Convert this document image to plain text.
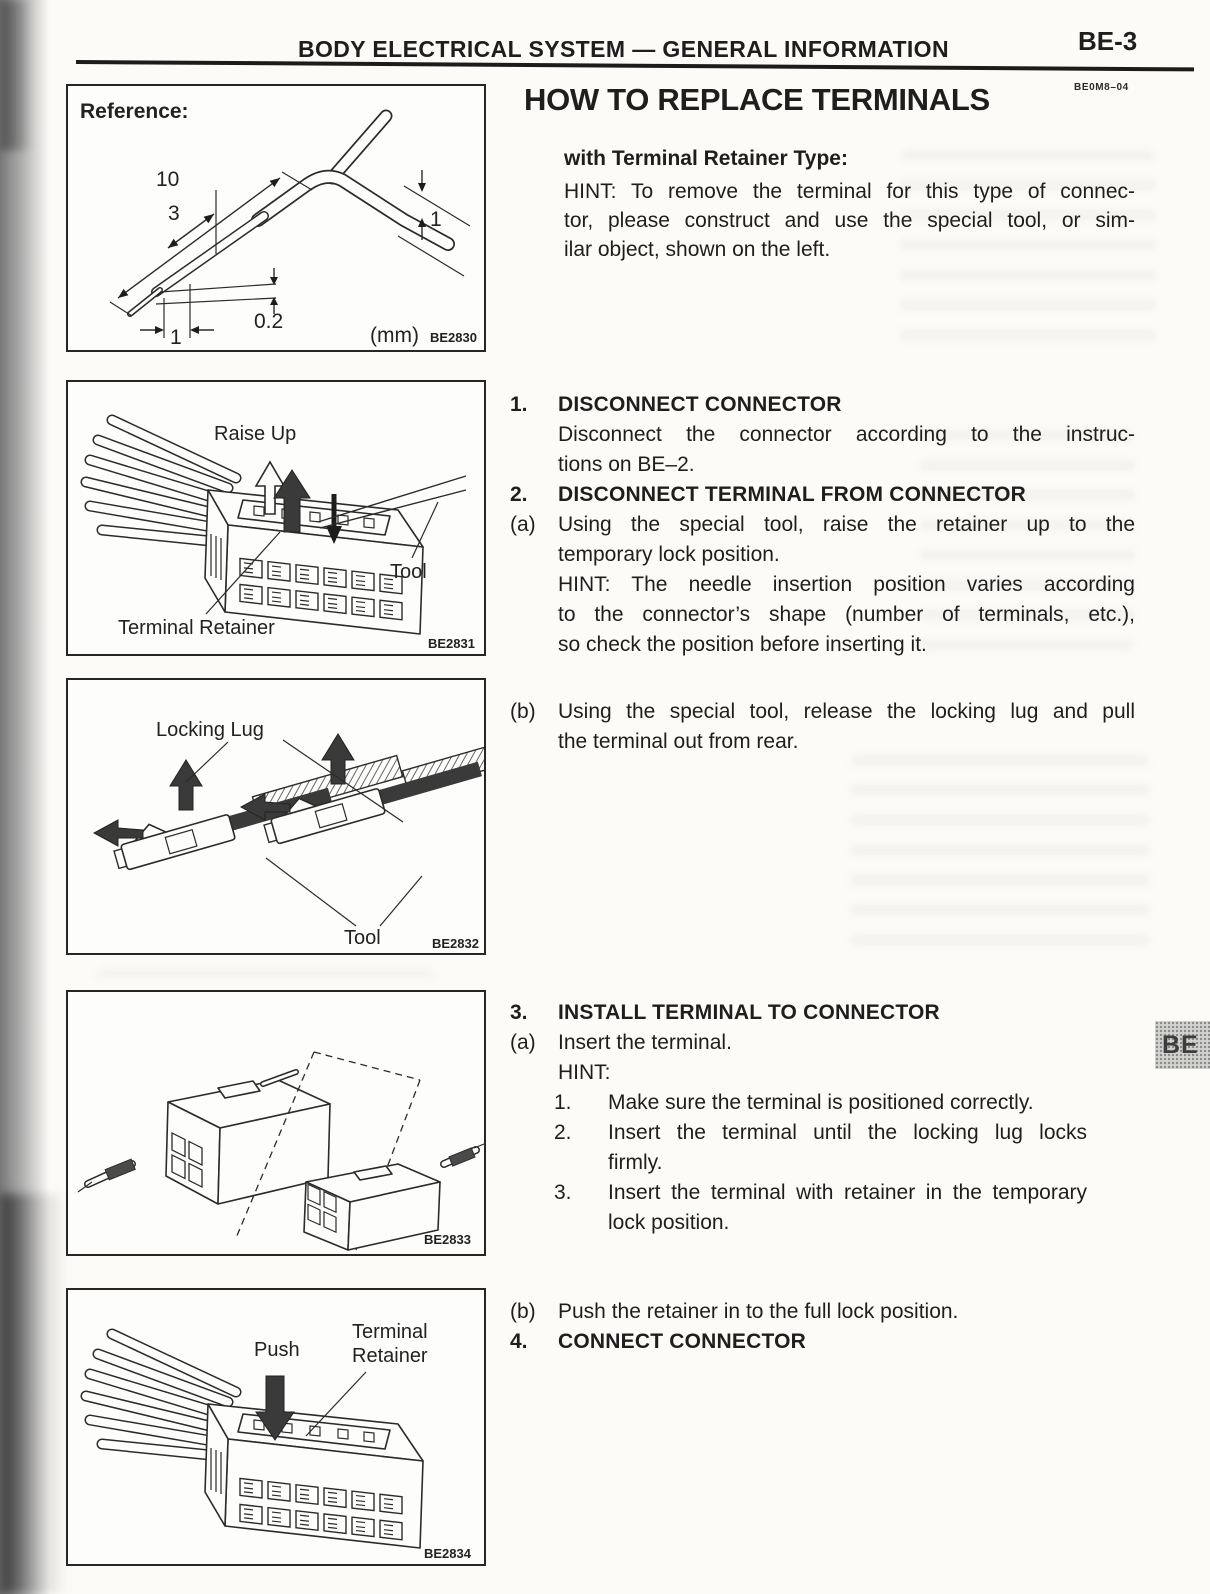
BODY ELECTRICAL SYSTEM — GENERAL INFORMATION	BE-3
BE0M8–04
HOW TO REPLACE TERMINALS
with Terminal Retainer Type:
HINT: To remove the terminal for this type of connec-
tor, please construct and use the special tool, or sim-
ilar object, shown on the left.
Reference:
10
3	1
0.2
1	(mm) BE2830
Raise Up
Tool
Terminal Retainer
BE2831
Locking Lug
Tool	BE2832
BE2833
Push
Terminal
Retainer
BE2834
1.	DISCONNECT CONNECTOR
Disconnect the connector according to the instruc-
tions on BE–2.
2.	DISCONNECT TERMINAL FROM CONNECTOR
(a)	Using the special tool, raise the retainer up to the
temporary lock position.
HINT: The needle insertion position varies according
to the connector’s shape (number of terminals, etc.),
so check the position before inserting it.
(b)	Using the special tool, release the locking lug and pull
the terminal out from rear.
3.	INSTALL TERMINAL TO CONNECTOR
(a)	Insert the terminal.
HINT:
1.	Make sure the terminal is positioned correctly.
2.	Insert the terminal until the locking lug locks
firmly.
3.	Insert the terminal with retainer in the temporary
lock position.
(b)	Push the retainer in to the full lock position.
4.	CONNECT CONNECTOR
BE
